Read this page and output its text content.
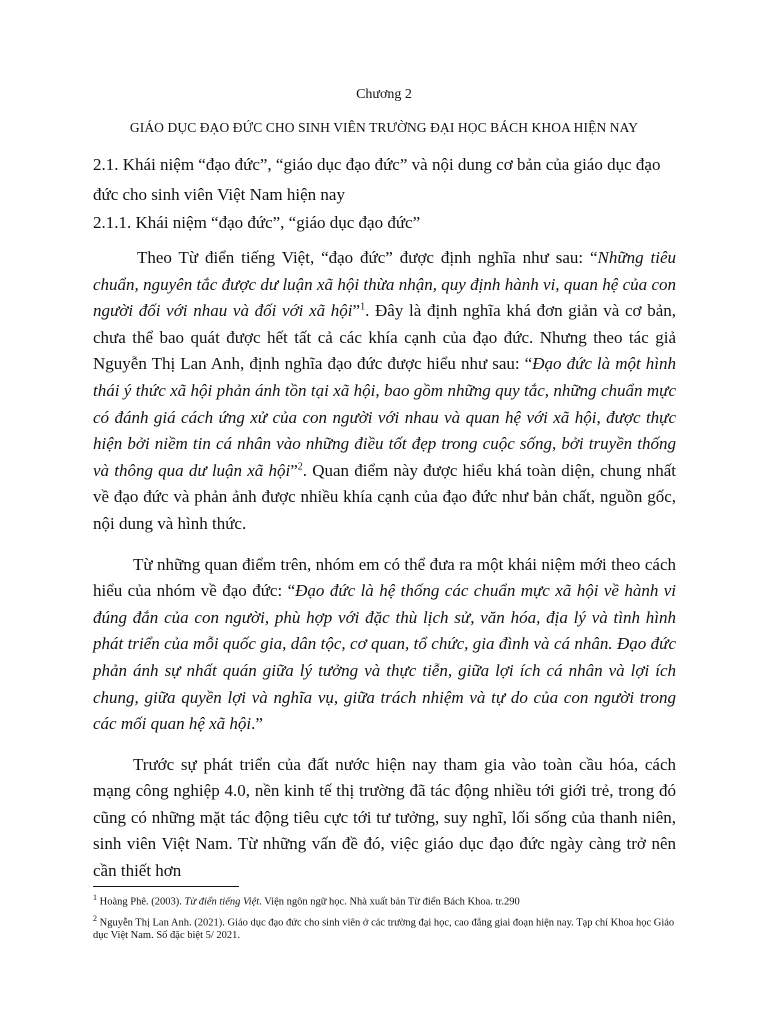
Chương 2
GIÁO DỤC ĐẠO ĐỨC CHO SINH VIÊN TRƯỜNG ĐẠI HỌC BÁCH KHOA HIỆN NAY
2.1. Khái niệm “đạo đức”, “giáo dục đạo đức” và nội dung cơ bản của giáo dục đạo đức cho sinh viên Việt Nam hiện nay
2.1.1. Khái niệm “đạo đức”, “giáo dục đạo đức”

Theo Từ điển tiếng Việt, “đạo đức” được định nghĩa như sau: “Những tiêu chuẩn, nguyên tắc được dư luận xã hội thừa nhận, quy định hành vi, quan hệ của con người đối với nhau và đối với xã hội”$^1$. Đây là định nghĩa khá đơn giản và cơ bản, chưa thể bao quát được hết tất cả các khía cạnh của đạo đức. Nhưng theo tác giả Nguyễn Thị Lan Anh, định nghĩa đạo đức được hiểu như sau: “Đạo đức là một hình thái ý thức xã hội phản ánh tồn tại xã hội, bao gồm những quy tắc, những chuẩn mực có đánh giá cách ứng xử của con người với nhau và quan hệ với xã hội, được thực hiện bởi niềm tin cá nhân vào những điều tốt đẹp trong cuộc sống, bởi truyền thống và thông qua dư luận xã hội”$^2$. Quan điểm này được hiểu khá toàn diện, chung nhất về đạo đức và phản ảnh được nhiều khía cạnh của đạo đức như bản chất, nguồn gốc, nội dung và hình thức.

Từ những quan điểm trên, nhóm em có thể đưa ra một khái niệm mới theo cách hiểu của nhóm về đạo đức: “Đạo đức là hệ thống các chuẩn mực xã hội về hành vi đúng đắn của con người, phù hợp với đặc thù lịch sử, văn hóa, địa lý và tình hình phát triển của mỗi quốc gia, dân tộc, cơ quan, tổ chức, gia đình và cá nhân. Đạo đức phản ánh sự nhất quán giữa lý tưởng và thực tiễn, giữa lợi ích cá nhân và lợi ích chung, giữa quyền lợi và nghĩa vụ, giữa trách nhiệm và tự do của con người trong các mối quan hệ xã hội.”

Trước sự phát triển của đất nước hiện nay tham gia vào toàn cầu hóa, cách mạng công nghiệp 4.0, nền kinh tế thị trường đã tác động nhiều tới giới trẻ, trong đó cũng có những mặt tác động tiêu cực tới tư tưởng, suy nghĩ, lối sống của thanh niên, sinh viên Việt Nam. Từ những vấn đề đó, việc giáo dục đạo đức ngày càng trở nên cần thiết hơn

$^1$ Hoàng Phê. (2003). Từ điển tiếng Việt. Viện ngôn ngữ học. Nhà xuất bản Từ điển Bách Khoa. tr.290
$^2$ Nguyễn Thị Lan Anh. (2021). Giáo dục đạo đức cho sinh viên ở các trường đại học, cao đẳng giai đoạn hiện nay. Tạp chí Khoa học Giáo dục Việt Nam. Số đặc biệt 5/ 2021.
